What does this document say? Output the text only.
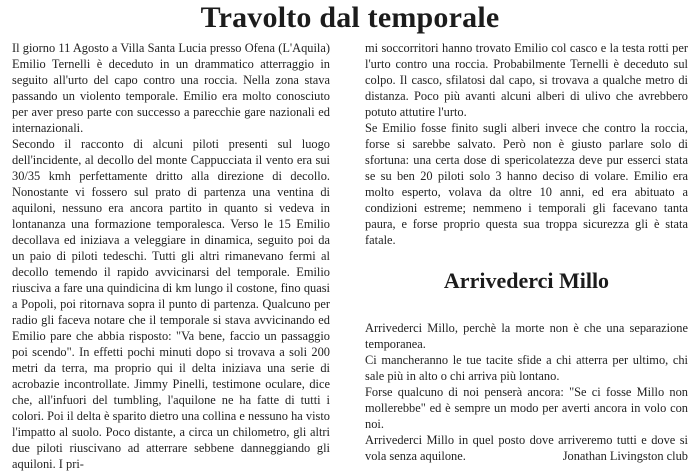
Travolto dal temporale

Il giorno 11 Agosto a Villa Santa Lucia presso Ofena (L'Aquila) Emilio Ternelli è deceduto in un drammatico atterraggio in seguito all'urto del capo contro una roccia. Nella zona stava passando un violento temporale. Emilio era molto conosciuto per aver preso parte con successo a parecchie gare nazionali ed internazionali.

Secondo il racconto di alcuni piloti presenti sul luogo dell'incidente, al decollo del monte Cappucciata il vento era sui 30/35 kmh perfettamente dritto alla direzione di decollo. Nonostante vi fossero sul prato di partenza una ventina di aquiloni, nessuno era ancora partito in quanto si vedeva in lontananza una formazione temporalesca. Verso le 15 Emilio decollava ed iniziava a veleggiare in dinamica, seguito poi da un paio di piloti tedeschi. Tutti gli altri rimanevano fermi al decollo temendo il rapido avvicinarsi del temporale. Emilio riusciva a fare una quindicina di km lungo il costone, fino quasi a Popoli, poi ritornava sopra il punto di partenza. Qualcuno per radio gli faceva notare che il temporale si stava avvicinando ed Emilio pare che abbia risposto: "Va bene, faccio un passaggio poi scendo". In effetti pochi minuti dopo si trovava a soli 200 metri da terra, ma proprio qui il delta iniziava una serie di acrobazie incontrollate. Jimmy Pinelli, testimone oculare, dice che, all'infuori del tumbling, l'aquilone ne ha fatte di tutti i colori. Poi il delta è sparito dietro una collina e nessuno ha visto l'impatto al suolo. Poco distante, a circa un chilometro, gli altri due piloti riuscivano ad atterrare sebbene danneggiando gli aquiloni. I pri-

mi soccorritori hanno trovato Emilio col casco e la testa rotti per l'urto contro una roccia. Probabilmente Ternelli è deceduto sul colpo. Il casco, sfilatosi dal capo, si trovava a qualche metro di distanza. Poco più avanti alcuni alberi di ulivo che avrebbero potuto attutire l'urto.

Se Emilio fosse finito sugli alberi invece che contro la roccia, forse si sarebbe salvato. Però non è giusto parlare solo di sfortuna: una certa dose di spericolatezza deve pur esserci stata se su ben 20 piloti solo 3 hanno deciso di volare. Emilio era molto esperto, volava da oltre 10 anni, ed era abituato a condizioni estreme; nemmeno i temporali gli facevano tanta paura, e forse proprio questa sua troppa sicurezza gli è stata fatale.

Arrivederci Millo

Arrivederci Millo, perchè la morte non è che una separazione temporanea.

Ci mancheranno le tue tacite sfide a chi atterra per ultimo, chi sale più in alto o chi arriva più lontano.

Forse qualcuno di noi penserà ancora: "Se ci fosse Millo non mollerebbe" ed è sempre un modo per averti ancora in volo con noi.

Arrivederci Millo in quel posto dove arriveremo tutti e dove si vola senza aquilone.	Jonathan Livingston club
